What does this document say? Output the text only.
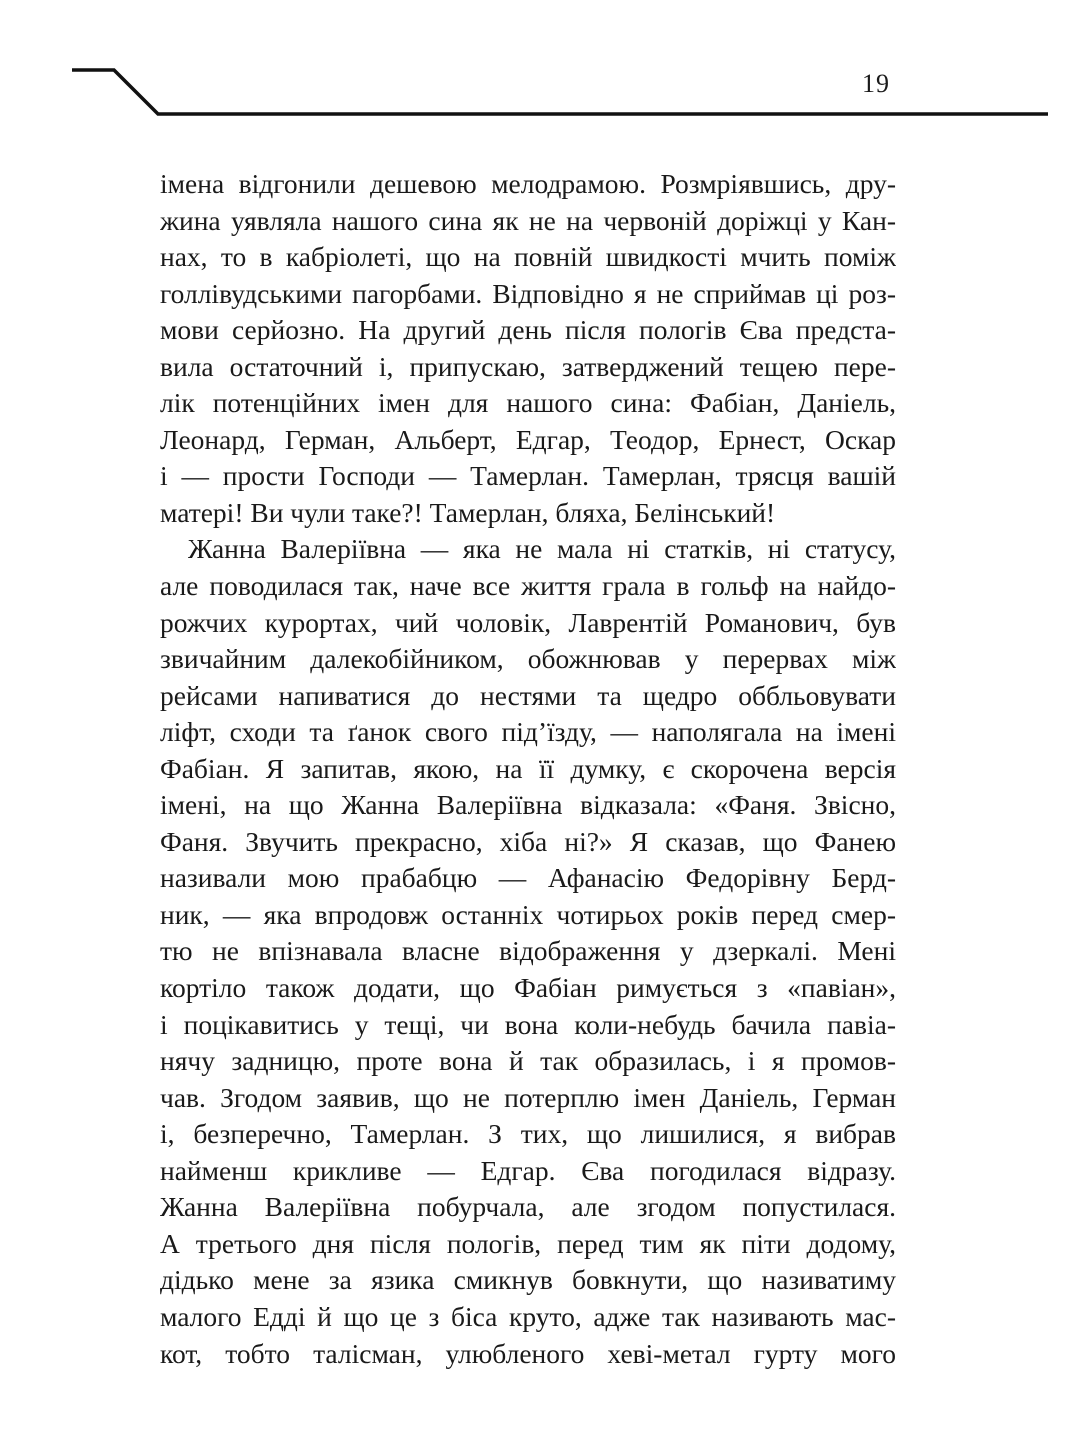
19
імена відгонили дешевою мелодрамою. Розмріявшись, дру-
жина уявляла нашого сина як не на червоній доріжці у Кан-
нах, то в кабріолеті, що на повній швидкості мчить поміж
голлівудськими пагорбами. Відповідно я не сприймав ці роз-
мови серйозно. На другий день після пологів Єва предста-
вила остаточний і, припускаю, затверджений тещею пере-
лік потенційних імен для нашого сина: Фабіан, Даніель,
Леонард, Герман, Альберт, Едгар, Теодор, Ернест, Оскар
і — прости Господи — Тамерлан. Тамерлан, трясця вашій
матері! Ви чули таке?! Тамерлан, бляха, Белінський!
Жанна Валеріївна — яка не мала ні статків, ні статусу,
але поводилася так, наче все життя грала в гольф на найдо-
рожчих курортах, чий чоловік, Лаврентій Романович, був
звичайним далекобійником, обожнював у перервах між
рейсами напиватися до нестями та щедро оббльовувати
ліфт, сходи та ґанок свого під’їзду, — наполягала на імені
Фабіан. Я запитав, якою, на її думку, є скорочена версія
імені, на що Жанна Валеріївна відказала: «Фаня. Звісно,
Фаня. Звучить прекрасно, хіба ні?» Я сказав, що Фанею
називали мою прабабцю — Афанасію Федорівну Берд-
ник, — яка впродовж останніх чотирьох років перед смер-
тю не впізнавала власне відображення у дзеркалі. Мені
кортіло також додати, що Фабіан римується з «павіан»,
і поцікавитись у тещі, чи вона коли-небудь бачила павіа-
нячу задницю, проте вона й так образилась, і я промов-
чав. Згодом заявив, що не потерплю імен Даніель, Герман
і, безперечно, Тамерлан. З тих, що лишилися, я вибрав
найменш крикливе — Едгар. Єва погодилася відразу.
Жанна Валеріївна побурчала, але згодом попустилася.
А третього дня після пологів, перед тим як піти додому,
дідько мене за язика смикнув бовкнути, що називатиму
малого Едді й що це з біса круто, адже так називають мас-
кот, тобто талісман, улюбленого хеві-метал гурту мого
